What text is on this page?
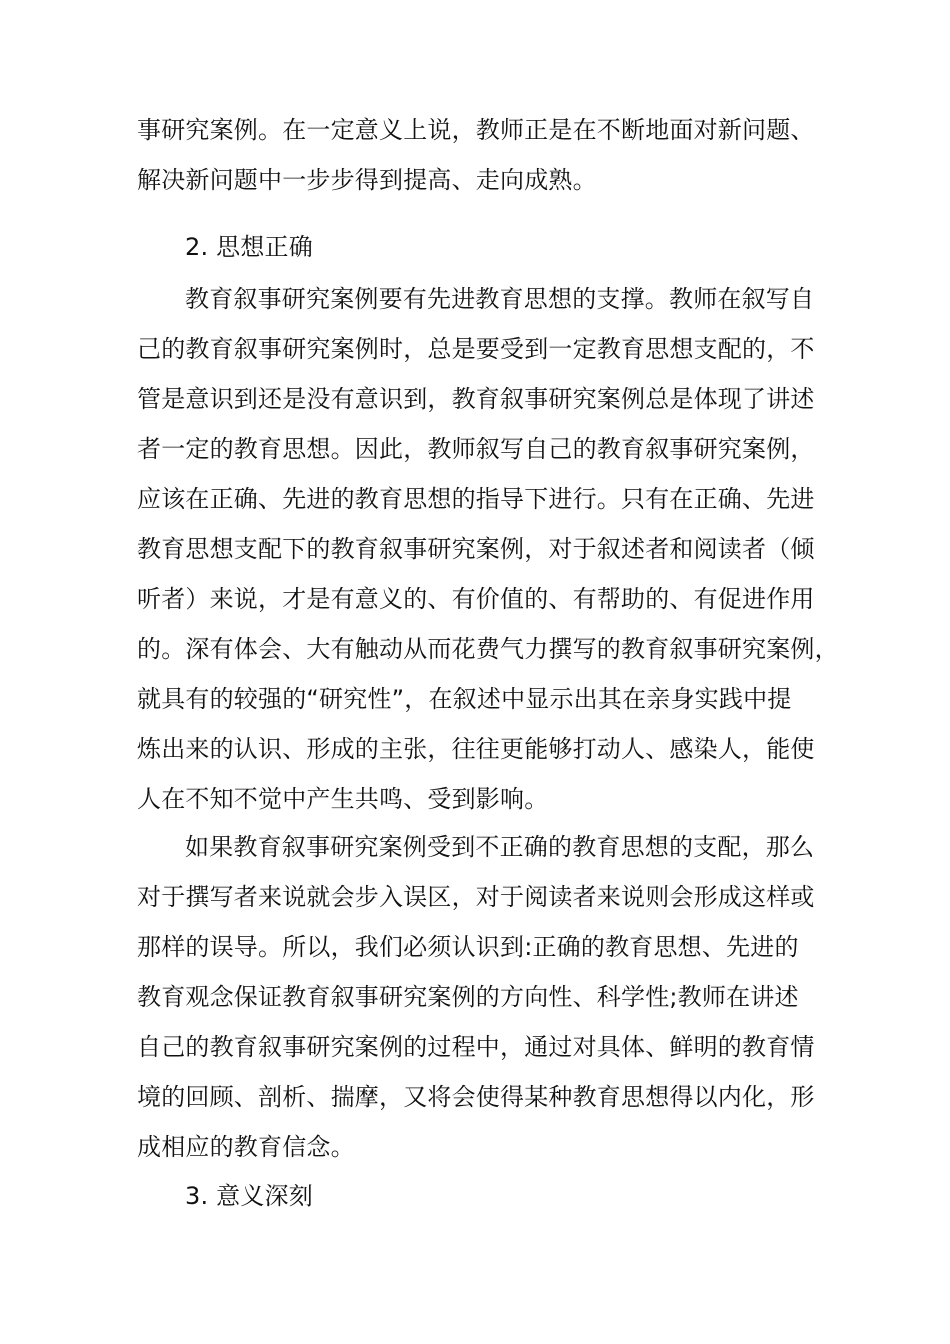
事研究案例。在一定意义上说，教师正是在不断地面对新问题、
解决新问题中一步步得到提高、走向成熟。
2. 思想正确
教育叙事研究案例要有先进教育思想的支撑。教师在叙写自
己的教育叙事研究案例时，总是要受到一定教育思想支配的，不
管是意识到还是没有意识到，教育叙事研究案例总是体现了讲述
者一定的教育思想。因此，教师叙写自己的教育叙事研究案例，
应该在正确、先进的教育思想的指导下进行。只有在正确、先进
教育思想支配下的教育叙事研究案例，对于叙述者和阅读者（倾
听者）来说，才是有意义的、有价值的、有帮助的、有促进作用
的。深有体会、大有触动从而花费气力撰写的教育叙事研究案例，
就具有的较强的“研究性”，在叙述中显示出其在亲身实践中提
炼出来的认识、形成的主张，往往更能够打动人、感染人，能使
人在不知不觉中产生共鸣、受到影响。
如果教育叙事研究案例受到不正确的教育思想的支配，那么
对于撰写者来说就会步入误区，对于阅读者来说则会形成这样或
那样的误导。所以，我们必须认识到:正确的教育思想、先进的
教育观念保证教育叙事研究案例的方向性、科学性;教师在讲述
自己的教育叙事研究案例的过程中，通过对具体、鲜明的教育情
境的回顾、剖析、揣摩，又将会使得某种教育思想得以内化，形
成相应的教育信念。
3. 意义深刻
